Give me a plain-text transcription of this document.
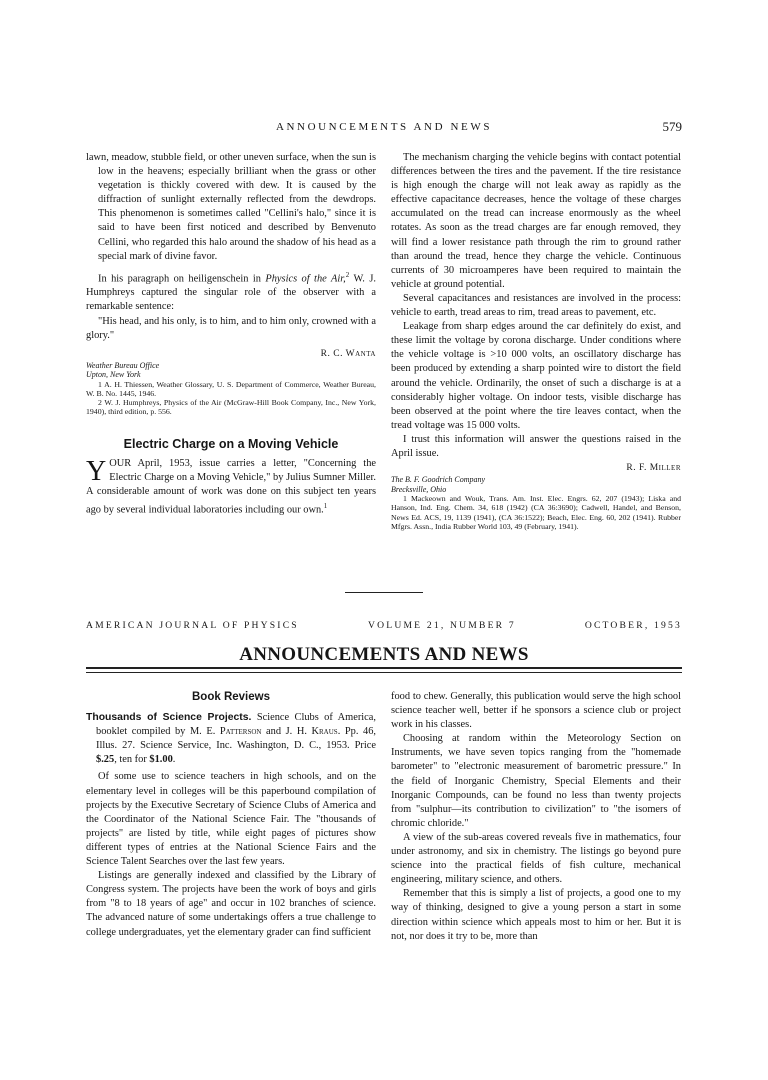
ANNOUNCEMENTS AND NEWS	579

lawn, meadow, stubble field, or other uneven surface, when the sun is low in the heavens; especially brilliant when the grass or other vegetation is thickly covered with dew. It is caused by the diffraction of sunlight externally reflected from the dewdrops. This phenomenon is sometimes called "Cellini's halo," since it is said to have been first noticed and described by Benvenuto Cellini, who regarded this halo around the shadow of his head as a special mark of divine favor.

In his paragraph on heiligenschein in Physics of the Air,$^2$ W. J. Humphreys captured the singular role of the observer with a remarkable sentence:

"His head, and his only, is to him, and to him only, crowned with a glory."

R. C. Wanta

Weather Bureau Office

Upton, New York

1 A. H. Thiessen, Weather Glossary, U. S. Department of Commerce, Weather Bureau, W. B. No. 1445, 1946.

2 W. J. Humphreys, Physics of the Air (McGraw-Hill Book Company, Inc., New York, 1940), third edition, p. 556.

Electric Charge on a Moving Vehicle

YOUR April, 1953, issue carries a letter, "Concerning the Electric Charge on a Moving Vehicle," by Julius Sumner Miller. A considerable amount of work was done on this subject ten years ago by several individual laboratories including our own.$^1$

The mechanism charging the vehicle begins with contact potential differences between the tires and the pavement. If the tire resistance is high enough the charge will not leak away as rapidly as the effective capacitance decreases, hence the voltage of these charges accumulated on the tread can increase enormously as the wheel rotates. As soon as the tread charges are far enough removed, they will find a lower resistance path through the rim to ground rather than around the tread, hence they charge the vehicle. Continuous currents of 30 microamperes have been required to maintain the vehicle at ground potential.

Several capacitances and resistances are involved in the process: vehicle to earth, tread areas to rim, tread areas to pavement, etc.

Leakage from sharp edges around the car definitely do exist, and these limit the voltage by corona discharge. Under conditions where the vehicle voltage is >10 000 volts, an oscillatory discharge has been produced by extending a sharp pointed wire to distort the field around the vehicle. Ordinarily, the onset of such a discharge is at a considerably higher voltage. On indoor tests, visible discharge has been observed at the point where the tire leaves contact, when the tread voltage was 15 000 volts.

I trust this information will answer the questions raised in the April issue.

R. F. Miller

The B. F. Goodrich Company

Brecksville, Ohio

1 Mackeown and Wouk, Trans. Am. Inst. Elec. Engrs. 62, 207 (1943); Liska and Hanson, Ind. Eng. Chem. 34, 618 (1942) (CA 36:3690); Cadwell, Handel, and Benson, News Ed. ACS, 19, 1139 (1941), (CA 36:1522); Beach, Elec. Eng. 60, 202 (1941). Rubber Mfgrs. Assn., India Rubber World 103, 49 (February, 1941).

AMERICAN JOURNAL OF PHYSICS	VOLUME 21, NUMBER 7	OCTOBER, 1953
ANNOUNCEMENTS AND NEWS
Book Reviews

Thousands of Science Projects. Science Clubs of America, booklet compiled by M. E. Patterson and J. H. Kraus. Pp. 46, Illus. 27. Science Service, Inc. Washington, D. C., 1953. Price $.25, ten for $1.00.

Of some use to science teachers in high schools, and on the elementary level in colleges will be this paperbound compilation of projects by the Executive Secretary of Science Clubs of America and the Coordinator of the National Science Fair. The "thousands of projects" are listed by title, while eight pages of pictures show different types of entries at the National Science Fairs and the Science Talent Searches over the last few years.

Listings are generally indexed and classified by the Library of Congress system. The projects have been the work of boys and girls from "8 to 18 years of age" and occur in 102 branches of science. The advanced nature of some undertakings offers a true challenge to college undergraduates, yet the elementary grader can find sufficient

food to chew. Generally, this publication would serve the high school science teacher well, better if he sponsors a science club or project work in his classes.

Choosing at random within the Meteorology Section on Instruments, we have seven topics ranging from the "homemade barometer" to "electronic measurement of barometric pressure." In the field of Inorganic Chemistry, Special Elements and their Inorganic Compounds, can be found no less than twenty projects from "sulphur—its contribution to civilization" to "the isomers of chromic chloride."

A view of the sub-areas covered reveals five in mathematics, four under astronomy, and six in chemistry. The listings go beyond pure science into the practical fields of fish culture, mechanical engineering, military science, and others.

Remember that this is simply a list of projects, a good one to my way of thinking, designed to give a young person a start in some direction within science which appeals most to him or her. But it is not, nor does it try to be, more than
